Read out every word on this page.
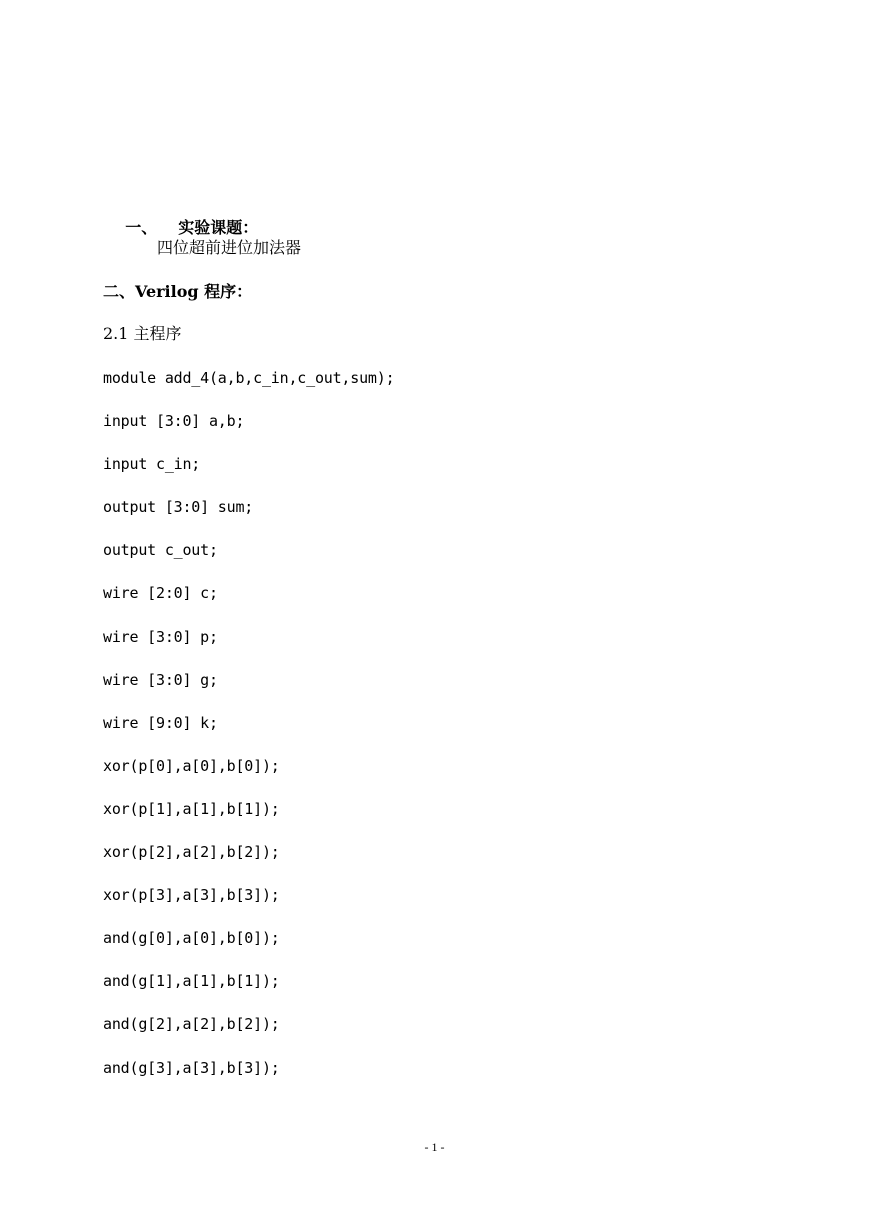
一、 实验课题：

四位超前进位加法器
二、Verilog 程序：
2.1 主程序
module add_4(a,b,c_in,c_out,sum);
input [3:0] a,b;
input c_in;
output [3:0] sum;
output c_out;
wire [2:0] c;
wire [3:0] p;
wire [3:0] g;
wire [9:0] k;
xor(p[0],a[0],b[0]);
xor(p[1],a[1],b[1]);
xor(p[2],a[2],b[2]);
xor(p[3],a[3],b[3]);
and(g[0],a[0],b[0]);
and(g[1],a[1],b[1]);
and(g[2],a[2],b[2]);
and(g[3],a[3],b[3]);
- 1 -
